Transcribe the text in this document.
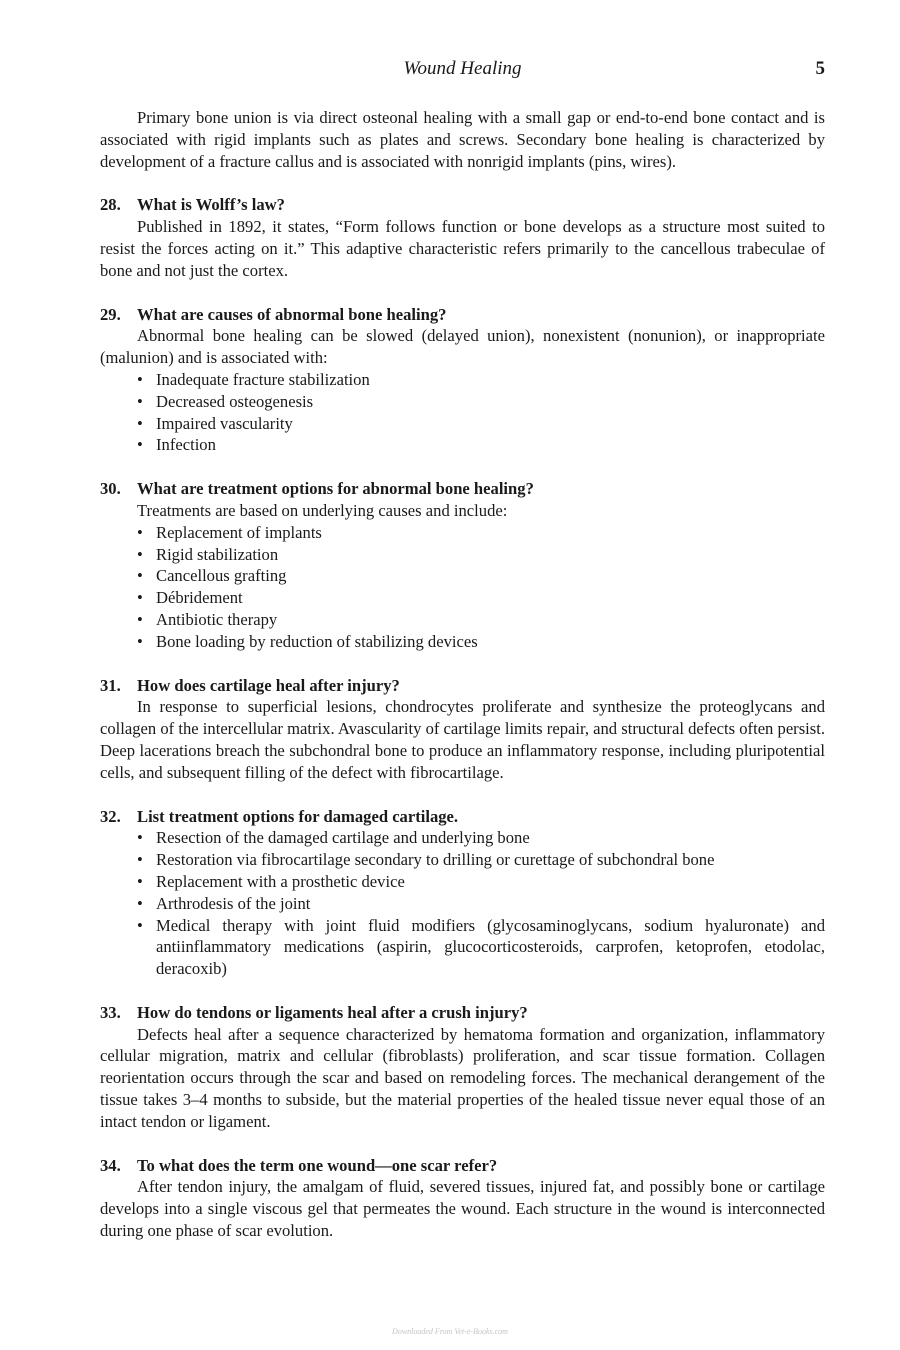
Wound Healing	5

Primary bone union is via direct osteonal healing with a small gap or end-to-end bone contact and is associated with rigid implants such as plates and screws. Secondary bone healing is characterized by development of a fracture callus and is associated with nonrigid implants (pins, wires).

28. What is Wolff’s law?

Published in 1892, it states, “Form follows function or bone develops as a structure most suited to resist the forces acting on it.” This adaptive characteristic refers primarily to the cancellous trabeculae of bone and not just the cortex.

29. What are causes of abnormal bone healing?

Abnormal bone healing can be slowed (delayed union), nonexistent (nonunion), or inappropriate (malunion) and is associated with:

• Inadequate fracture stabilization
• Decreased osteogenesis
• Impaired vascularity
• Infection
30. What are treatment options for abnormal bone healing?

Treatments are based on underlying causes and include:

• Replacement of implants
• Rigid stabilization
• Cancellous grafting
• Débridement
• Antibiotic therapy
• Bone loading by reduction of stabilizing devices
31. How does cartilage heal after injury?

In response to superficial lesions, chondrocytes proliferate and synthesize the proteoglycans and collagen of the intercellular matrix. Avascularity of cartilage limits repair, and structural defects often persist. Deep lacerations breach the subchondral bone to produce an inflammatory response, including pluripotential cells, and subsequent filling of the defect with fibrocartilage.

32. List treatment options for damaged cartilage.
• Resection of the damaged cartilage and underlying bone
• Restoration via fibrocartilage secondary to drilling or curettage of subchondral bone
• Replacement with a prosthetic device
• Arthrodesis of the joint
• Medical therapy with joint fluid modifiers (glycosaminoglycans, sodium hyaluronate) and antiinflammatory medications (aspirin, glucocorticosteroids, carprofen, ketoprofen, etodolac, deracoxib)
33. How do tendons or ligaments heal after a crush injury?

Defects heal after a sequence characterized by hematoma formation and organization, inflammatory cellular migration, matrix and cellular (fibroblasts) proliferation, and scar tissue formation. Collagen reorientation occurs through the scar and based on remodeling forces. The mechanical derangement of the tissue takes 3–4 months to subside, but the material properties of the healed tissue never equal those of an intact tendon or ligament.

34. To what does the term one wound—one scar refer?

After tendon injury, the amalgam of fluid, severed tissues, injured fat, and possibly bone or cartilage develops into a single viscous gel that permeates the wound. Each structure in the wound is interconnected during one phase of scar evolution.

Downloaded From Vet-e-Books.com
